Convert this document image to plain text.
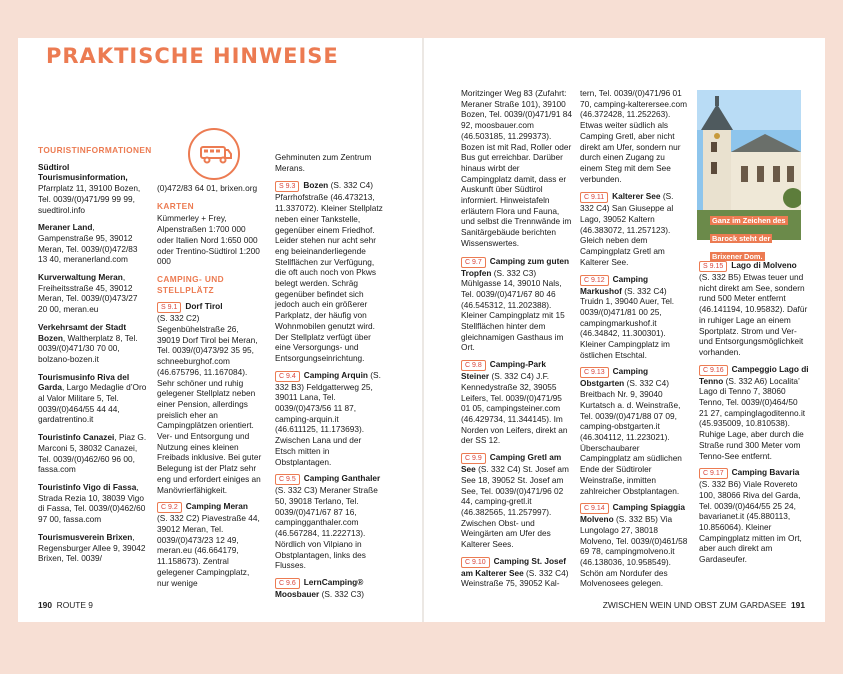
PRAKTISCHE HINWEISE
TOURISTINFORMATIONEN

Südtirol Tourismusinformation, Pfarrplatz 11, 39100 Bozen, Tel. 0039/(0)471/99 99 99, suedtirol.info

Meraner Land, Gampenstraße 95, 39012 Meran, Tel. 0039/(0)472/83 13 40, meranerland.com

Kurverwaltung Meran, Freiheitsstraße 45, 39012 Meran, Tel. 0039/(0)473/27 20 00, meran.eu

Verkehrsamt der Stadt Bozen, Waltherplatz 8, Tel. 0039/(0)471/30 70 00, bolzano-bozen.it

Tourismusinfo Riva del Garda, Largo Medaglie d’Oro al Valor Militare 5, Tel. 0039/(0)464/55 44 44, gardatrentino.it

Touristinfo Canazei, Piaz G. Marconi 5, 38032 Canazei, Tel. 0039/(0)462/60 96 00, fassa.com

Touristinfo Vigo di Fassa, Strada Rezia 10, 38039 Vigo di Fassa, Tel. 0039/(0)462/60 97 00, fassa.com

Tourismusverein Brixen, Regensburger Allee 9, 39042 Brixen, Tel. 0039/

(0)472/83 64 01, brixen.org

KARTEN

Kümmerley + Frey, Alpenstraßen 1:700 000 oder Italien Nord 1:650 000 oder Trentino-Südtirol 1:200 000

CAMPING- UND
STELLPLÄTZ
S 9.1 Dorf Tirol
(S. 332 C2) Segenbühelstraße 26, 39019 Dorf Tirol bei Meran, Tel. 0039/(0)473/92 35 95, schneeburghof.com (46.675796, 11.167084). Sehr schöner und ruhig gelegener Stellplatz neben einer Pension, allerdings preislich eher an Campingplätzen orientiert. Ver- und Entsorgung und Nutzung eines kleinen Freibads inklusive. Bei guter Belegung ist der Platz sehr eng und erfordert einiges an Manövrierfähigkeit.
C 9.2 Camping Meran
(S. 332 C2) Piavestraße 44, 39012 Meran, Tel. 0039/(0)473/23 12 49, meran.eu (46.664179, 11.158673). Zentral gelegener Campingplatz, nur wenige

Gehminuten zum Zentrum Merans.

S 9.3 Bozen (S. 332 C4) Pfarrhofstraße (46.473213, 11.337072). Kleiner Stellplatz neben einer Tankstelle, gegenüber einem Friedhof. Leider stehen nur acht sehr eng beieinanderliegende Stellflächen zur Verfügung, die oft auch noch von Pkws belegt werden. Schräg gegenüber befindet sich jedoch auch ein größerer Parkplatz, der häufig von Wohnmobilen genutzt wird. Der Stellplatz verfügt über eine Versorgungs- und Entsorgungseinrichtung.
C 9.4 Camping Arquin (S. 332 B3) Feldgatterweg 25, 39011 Lana, Tel. 0039/(0)473/56 11 87, camping-arquin.it (46.611125, 11.173693). Zwischen Lana und der Etsch mitten in Obstplantagen.
C 9.5 Camping Ganthaler (S. 332 C3) Meraner Straße 50, 39018 Terlano, Tel. 0039/(0)471/67 87 16, campingganthaler.com (46.567284, 11.222713). Nördlich von Vilpiano in Obstplantagen, links des Flusses.
C 9.6 LernCamping® Moosbauer (S. 332 C3)

Moritzinger Weg 83 (Zufahrt: Meraner Straße 101), 39100 Bozen, Tel. 0039/(0)471/91 84 92, moosbauer.com (46.503185, 11.299373). Bozen ist mit Rad, Roller oder Bus gut erreichbar. Darüber hinaus wirbt der Campingplatz damit, dass er Auskunft über Südtirol informiert. Hinweistafeln erläutern Flora und Fauna, und selbst die Trennwände im Sanitärgebäude berichten Wissenswertes.

C 9.7 Camping zum guten Tropfen (S. 332 C3) Mühlgasse 14, 39010 Nals, Tel. 0039/(0)471/67 80 46 (46.545312, 11.202388). Kleiner Campingplatz mit 15 Stellflächen hinter dem gleichnamigen Gasthaus im Ort.
C 9.8 Camping-Park Steiner (S. 332 C4) J.F. Kennedystraße 32, 39055 Leifers, Tel. 0039/(0)471/95 01 05, campingsteiner.com (46.429734, 11.344145). Im Norden von Leifers, direkt an der SS 12.
C 9.9 Camping Gretl am See (S. 332 C4) St. Josef am See 18, 39052 St. Josef am See, Tel. 0039/(0)471/96 02 44, camping-gretl.it (46.382565, 11.257997). Zwischen Obst- und Weingärten am Ufer des Kalterer Sees.
C 9.10 Camping St. Josef am Kalterer See (S. 332 C4) Weinstraße 75, 39052 Kal-

tern, Tel. 0039/(0)471/96 01 70, camping-kalterersee.com (46.372428, 11.252263). Etwas weiter südlich als Camping Gretl, aber nicht direkt am Ufer, sondern nur durch einen Zugang zu einem Steg mit dem See verbunden.

C 9.11 Kalterer See (S. 332 C4) San Giuseppe al Lago, 39052 Kaltern (46.383072, 11.257123). Gleich neben dem Campingplatz Gretl am Kalterer See.
C 9.12 Camping Markushof (S. 332 C4) Truidn 1, 39040 Auer, Tel. 0039/(0)471/81 00 25, campingmarkushof.it (46.34842, 11.300301). Kleiner Campingplatz im östlichen Etschtal.
C 9.13 Camping Obstgarten (S. 332 C4) Breitbach Nr. 9, 39040 Kurtatsch a. d. Weinstraße, Tel. 0039/(0)471/88 07 09, camping-obstgarten.it (46.304112, 11.223021). Überschaubarer Campingplatz am südlichen Ende der Südtiroler Weinstraße, inmitten zahlreicher Obstplantagen.
C 9.14 Camping Spiaggia Molveno (S. 332 B5) Via Lungolago 27, 38018 Molveno, Tel. 0039/(0)461/58 69 78, campingmolveno.it (46.138036, 10.958549). Schön am Nordufer des Molvenosees gelegen.
Ganz im Zeichen des Barock steht der Brixener Dom.
S 9.15 Lago di Molveno (S. 332 B5) Etwas teuer und nicht direkt am See, sondern rund 500 Meter entfernt (46.141194, 10.95832). Dafür in ruhiger Lage an einem Sportplatz. Strom und Ver- und Entsorgungsmöglichkeit vorhanden.
C 9.16 Campeggio Lago di Tenno (S. 332 A6) Localita’ Lago di Tenno 7, 38060 Tenno, Tel. 0039/(0)464/50 21 27, campinglagoditenno.it (45.935009, 10.810538). Ruhige Lage, aber durch die Straße rund 300 Meter vom Tenno-See entfernt.
C 9.17 Camping Bavaria (S. 332 B6) Viale Rovereto 100, 38066 Riva del Garda, Tel. 0039/(0)464/55 25 24, bavarianet.it (45.880113, 10.856064). Kleiner Campingplatz mitten im Ort, aber auch direkt am Gardaseufer.
190 ROUTE 9	ZWISCHEN WEIN UND OBST ZUM GARDASEE 191
